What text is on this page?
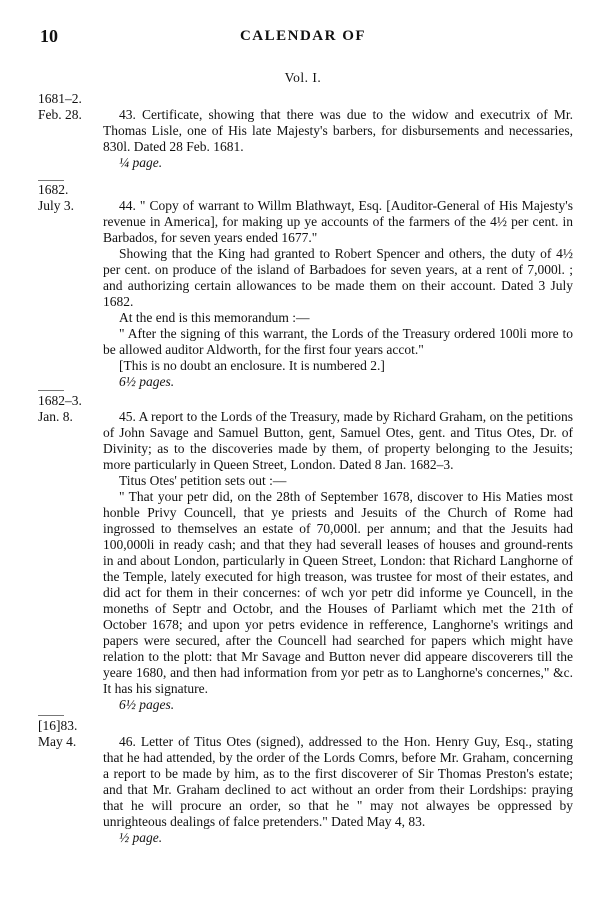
10	CALENDAR OF
Vol. I.
1681–2.
Feb. 28.	43. Certificate, showing that there was due to the widow and executrix of Mr. Thomas Lisle, one of His late Majesty's barbers, for disbursements and necessaries, 830l. Dated 28 Feb. 1681.

¼ page.

1682.
July 3.	44. " Copy of warrant to Willm Blathwayt, Esq. [Auditor-General of His Majesty's revenue in America], for making up ye accounts of the farmers of the 4½ per cent. in Barbados, for seven years ended 1677."

Showing that the King had granted to Robert Spencer and others, the duty of 4½ per cent. on produce of the island of Barbadoes for seven years, at a rent of 7,000l. ; and authorizing certain allowances to be made them on their account. Dated 3 July 1682.

At the end is this memorandum :—

" After the signing of this warrant, the Lords of the Treasury ordered 100li more to be allowed auditor Aldworth, for the first four years accot."

[This is no doubt an enclosure. It is numbered 2.]

6½ pages.

1682–3.
Jan. 8.	45. A report to the Lords of the Treasury, made by Richard Graham, on the petitions of John Savage and Samuel Button, gent, Samuel Otes, gent. and Titus Otes, Dr. of Divinity; as to the discoveries made by them, of property belonging to the Jesuits; more particularly in Queen Street, London. Dated 8 Jan. 1682–3.

Titus Otes' petition sets out :—

" That your petr did, on the 28th of September 1678, discover to His Maties most honble Privy Councell, that ye priests and Jesuits of the Church of Rome had ingrossed to themselves an estate of 70,000l. per annum; and that the Jesuits had 100,000li in ready cash; and that they had severall leases of houses and ground-rents in and about London, particularly in Queen Street, London: that Richard Langhorne of the Temple, lately executed for high treason, was trustee for most of their estates, and did act for them in their concernes: of wch yor petr did informe ye Councell, in the moneths of Septr and Octobr, and the Houses of Parliamt which met the 21th of October 1678; and upon yor petrs evidence in refference, Langhorne's writings and papers were secured, after the Councell had searched for papers which might have relation to the plott: that Mr Savage and Button never did appeare discoverers till the yeare 1680, and then had information from yor petr as to Langhorne's concernes," &c. It has his signature.

6½ pages.

[16]83.
May 4.	46. Letter of Titus Otes (signed), addressed to the Hon. Henry Guy, Esq., stating that he had attended, by the order of the Lords Comrs, before Mr. Graham, concerning a report to be made by him, as to the first discoverer of Sir Thomas Preston's estate; and that Mr. Graham declined to act without an order from their Lordships: praying that he will procure an order, so that he " may not alwayes be oppressed by unrighteous dealings of falce pretenders." Dated May 4, 83.

½ page.
